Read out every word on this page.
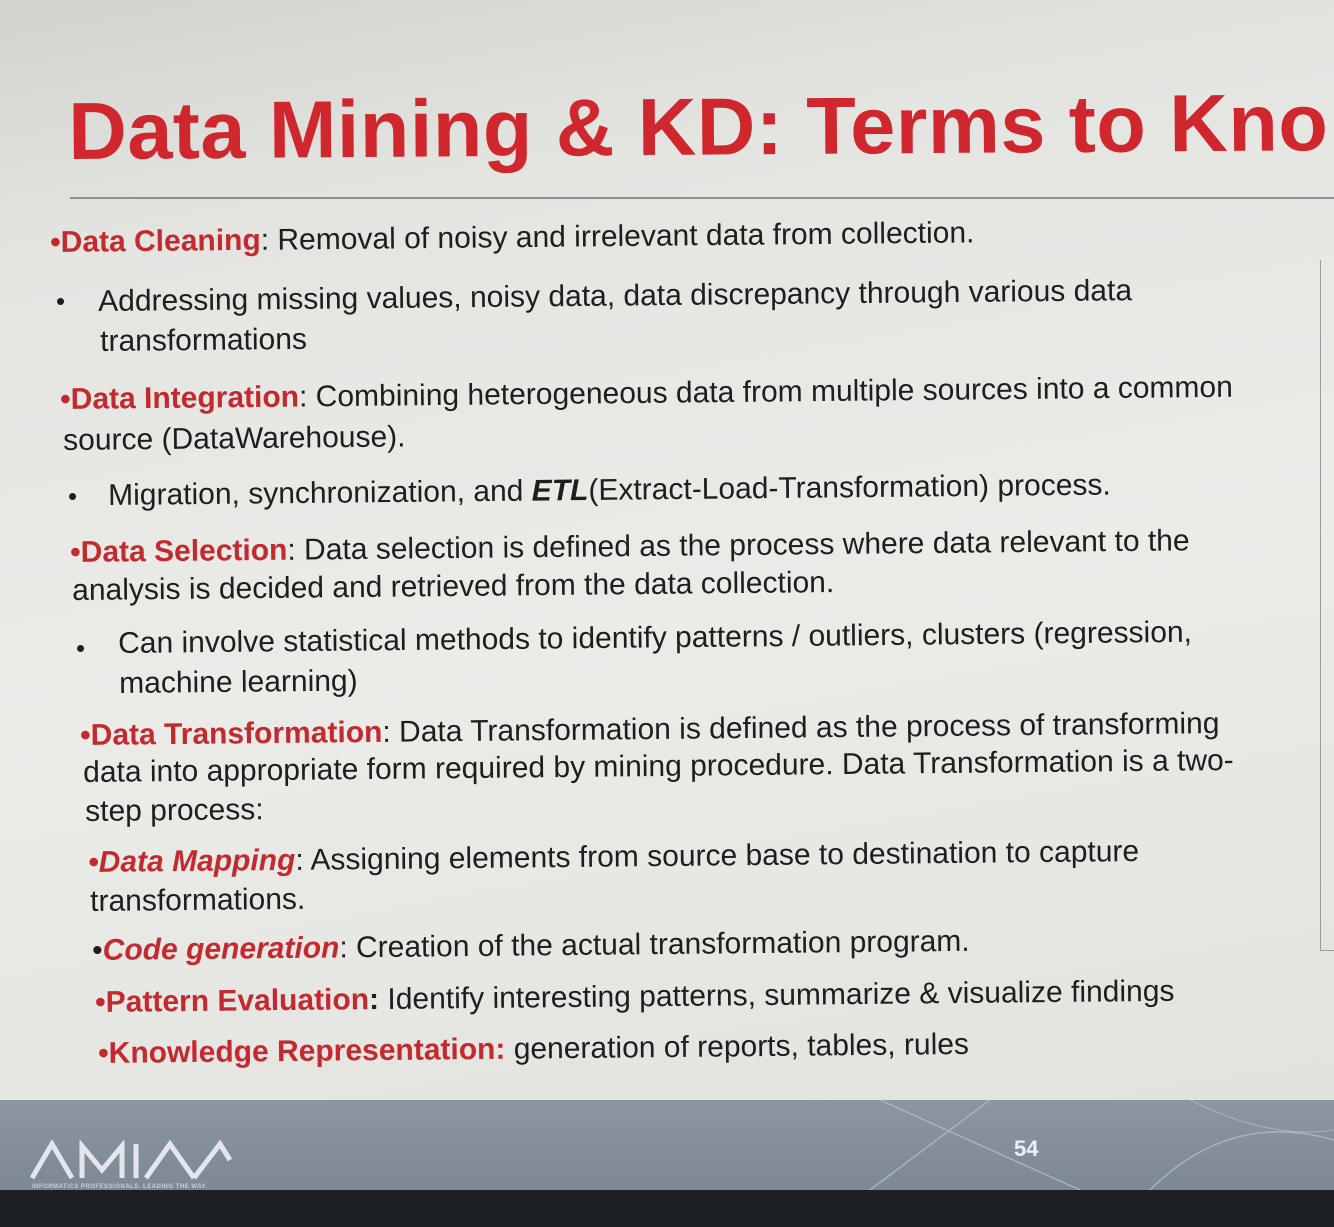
Data Mining & KD: Terms to Kno
•Data Cleaning: Removal of noisy and irrelevant data from collection.
• Addressing missing values, noisy data, data discrepancy through various data
transformations
•Data Integration: Combining heterogeneous data from multiple sources into a common
source (DataWarehouse).
• Migration, synchronization, and ETL(Extract-Load-Transformation) process.
•Data Selection: Data selection is defined as the process where data relevant to the
analysis is decided and retrieved from the data collection.
• Can involve statistical methods to identify patterns / outliers, clusters (regression,
machine learning)
•Data Transformation: Data Transformation is defined as the process of transforming
data into appropriate form required by mining procedure. Data Transformation is a two-
step process:
•Data Mapping: Assigning elements from source base to destination to capture
transformations.
•Code generation: Creation of the actual transformation program.
•Pattern Evaluation: Identify interesting patterns, summarize & visualize findings
•Knowledge Representation: generation of reports, tables, rules
INFORMATICS PROFESSIONALS. LEADING THE WAY.
54
